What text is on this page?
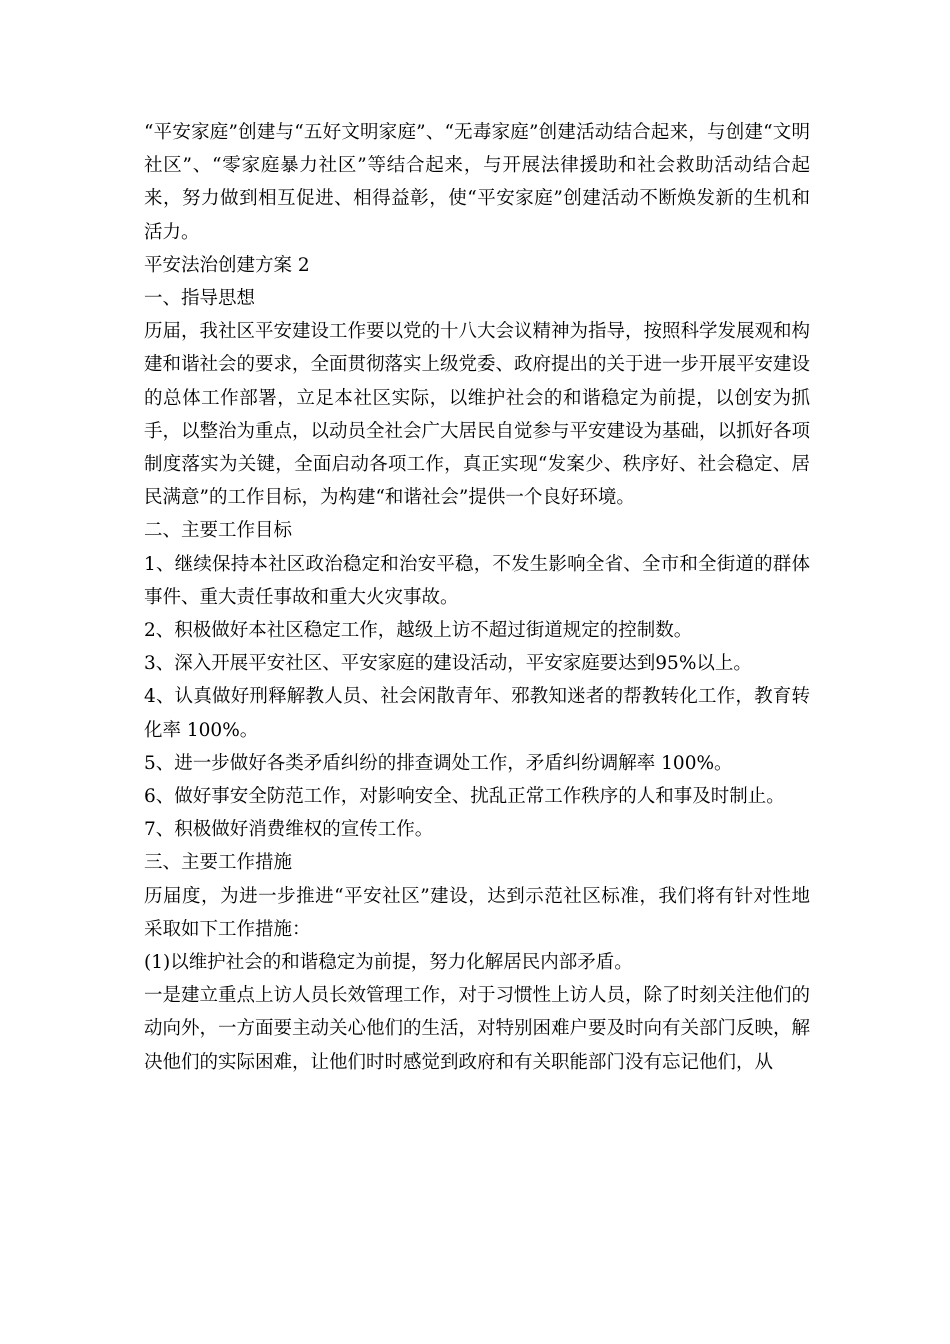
“平安家庭”创建与“五好文明家庭”、“无毒家庭”创建活动结合起来，与创建“文明社区”、“零家庭暴力社区”等结合起来，与开展法律援助和社会救助活动结合起来，努力做到相互促进、相得益彰，使“平安家庭”创建活动不断焕发新的生机和活力。

平安法治创建方案 2

一、指导思想

历届，我社区平安建设工作要以党的十八大会议精神为指导，按照科学发展观和构建和谐社会的要求，全面贯彻落实上级党委、政府提出的关于进一步开展平安建设的总体工作部署，立足本社区实际，以维护社会的和谐稳定为前提，以创安为抓手，以整治为重点，以动员全社会广大居民自觉参与平安建设为基础，以抓好各项制度落实为关键，全面启动各项工作，真正实现“发案少、秩序好、社会稳定、居民满意”的工作目标，为构建“和谐社会”提供一个良好环境。

二、主要工作目标

1、继续保持本社区政治稳定和治安平稳，不发生影响全省、全市和全街道的群体事件、重大责任事故和重大火灾事故。

2、积极做好本社区稳定工作，越级上访不超过街道规定的控制数。

3、深入开展平安社区、平安家庭的建设活动，平安家庭要达到95%以上。

4、认真做好刑释解教人员、社会闲散青年、邪教知迷者的帮教转化工作，教育转化率 100%。

5、进一步做好各类矛盾纠纷的排查调处工作，矛盾纠纷调解率 100%。

6、做好事安全防范工作，对影响安全、扰乱正常工作秩序的人和事及时制止。

7、积极做好消费维权的宣传工作。

三、主要工作措施

历届度，为进一步推进“平安社区”建设，达到示范社区标准，我们将有针对性地采取如下工作措施：

(1)以维护社会的和谐稳定为前提，努力化解居民内部矛盾。

一是建立重点上访人员长效管理工作，对于习惯性上访人员，除了时刻关注他们的动向外，一方面要主动关心他们的生活，对特别困难户要及时向有关部门反映，解决他们的实际困难，让他们时时感觉到政府和有关职能部门没有忘记他们，从
